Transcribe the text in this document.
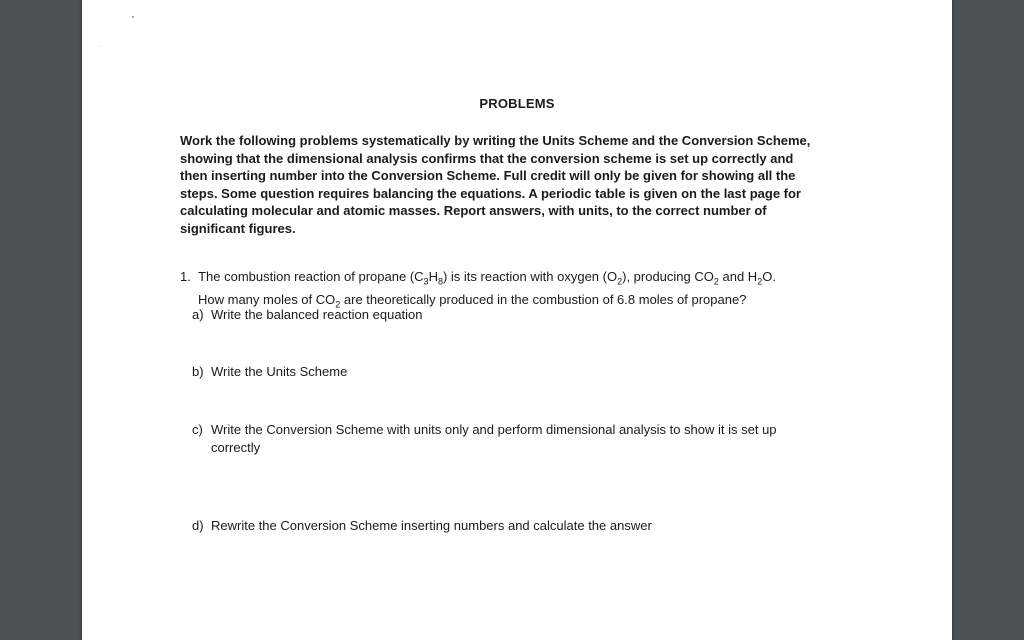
PROBLEMS
Work the following problems systematically by writing the Units Scheme and the Conversion Scheme,
showing that the dimensional analysis confirms that the conversion scheme is set up correctly and
then inserting number into the Conversion Scheme. Full credit will only be given for showing all the
steps. Some question requires balancing the equations. A periodic table is given on the last page for
calculating molecular and atomic masses. Report answers, with units, to the correct number of
significant figures.
1. The combustion reaction of propane $(C_3H_8)$ is its reaction with oxygen $(O_2)$, producing $CO_2$ and $H_2O$.
How many moles of $CO_2$ are theoretically produced in the combustion of 6.8 moles of propane?
a) Write the balanced reaction equation
b) Write the Units Scheme
c) Write the Conversion Scheme with units only and perform dimensional analysis to show it is set up
correctly
d) Rewrite the Conversion Scheme inserting numbers and calculate the answer
